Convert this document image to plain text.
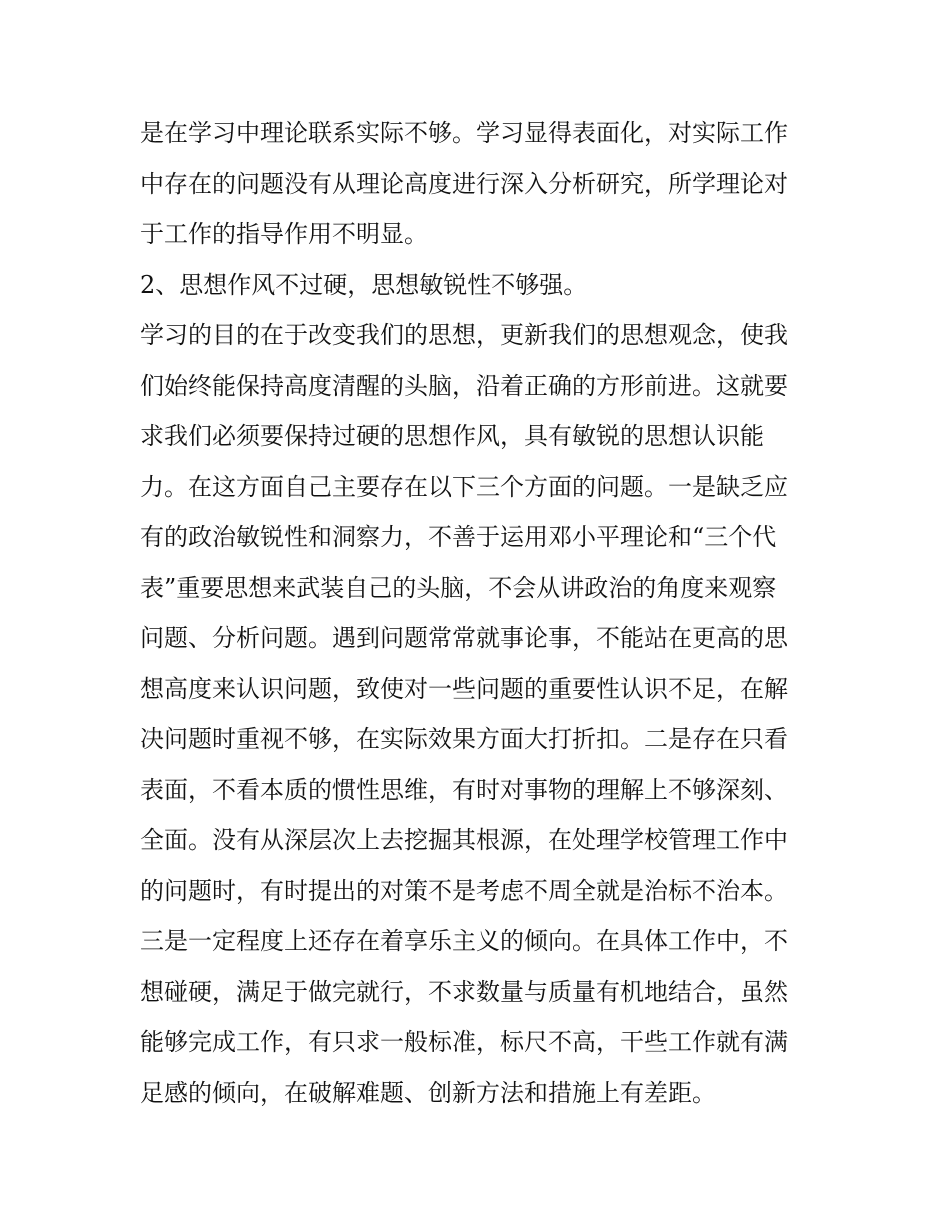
是在学习中理论联系实际不够。学习显得表面化，对实际工作
中存在的问题没有从理论高度进行深入分析研究，所学理论对
于工作的指导作用不明显。
2、思想作风不过硬，思想敏锐性不够强。
学习的目的在于改变我们的思想，更新我们的思想观念，使我
们始终能保持高度清醒的头脑，沿着正确的方形前进。这就要
求我们必须要保持过硬的思想作风，具有敏锐的思想认识能
力。在这方面自己主要存在以下三个方面的问题。一是缺乏应
有的政治敏锐性和洞察力，不善于运用邓小平理论和“三个代
表”重要思想来武装自己的头脑，不会从讲政治的角度来观察
问题、分析问题。遇到问题常常就事论事，不能站在更高的思
想高度来认识问题，致使对一些问题的重要性认识不足，在解
决问题时重视不够，在实际效果方面大打折扣。二是存在只看
表面，不看本质的惯性思维，有时对事物的理解上不够深刻、
全面。没有从深层次上去挖掘其根源，在处理学校管理工作中
的问题时，有时提出的对策不是考虑不周全就是治标不治本。
三是一定程度上还存在着享乐主义的倾向。在具体工作中，不
想碰硬，满足于做完就行，不求数量与质量有机地结合，虽然
能够完成工作，有只求一般标准，标尺不高，干些工作就有满
足感的倾向，在破解难题、创新方法和措施上有差距。
